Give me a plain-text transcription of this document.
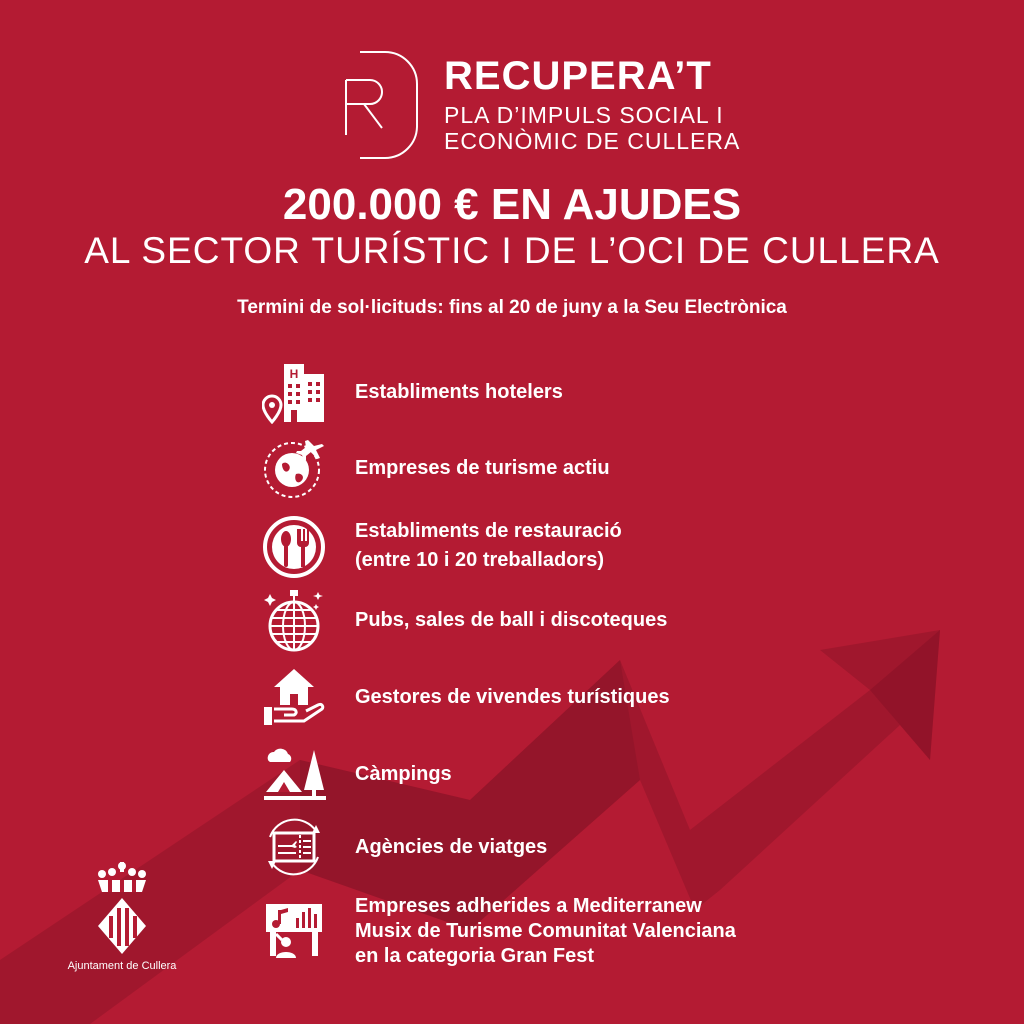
RECUPERA’T
PLA D’IMPULS SOCIAL I
ECONÒMIC DE CULLERA
200.000 € EN AJUDES
AL SECTOR TURÍSTIC I DE L’OCI DE CULLERA
Termini de sol·licituds: fins al 20 de juny a la Seu Electrònica
H
Establiments hotelers
Empreses de turisme actiu
Establiments de restauració
(entre 10 i 20 treballadors)
Pubs, sales de ball i discoteques
Gestores de vivendes turístiques
Càmpings
Agències de viatges
Empreses adherides a Mediterranew
Musix de Turisme Comunitat Valenciana
en la categoria Gran Fest
Ajuntament de Cullera
